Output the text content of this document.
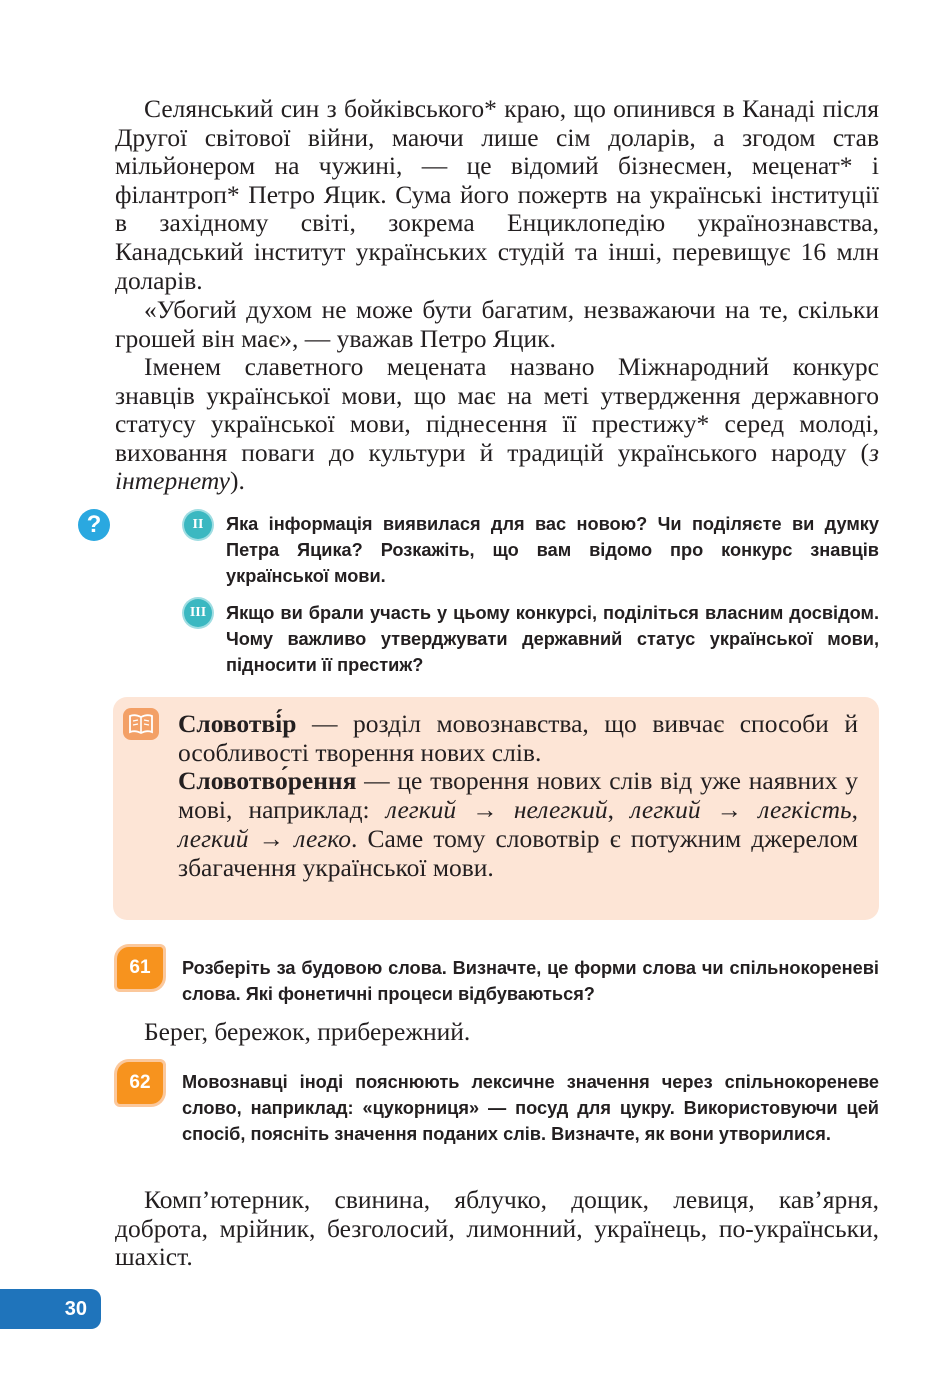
Селянський син з бойківського* краю, що опинився в Канаді після Другої світової війни, маючи лише сім доларів, а згодом став мільйонером на чужині, — це відомий бізнесмен, меценат* і філантроп* Петро Яцик. Сума його пожертв на українські інституції в західному світі, зокрема Енциклопедію українознавства, Канадський інститут українських студій та інші, перевищує 16 млн доларів.

«Убогий духом не може бути багатим, незважаючи на те, скільки грошей він має», — уважав Петро Яцик.

Іменем славетного мецената названо Міжнародний конкурс знавців української мови, що має на меті утвердження державного статусу української мови, піднесення її престижу* серед молоді, виховання поваги до культури й традицій українського народу (з інтернету).

?	II	Яка інформація виявилася для вас новою? Чи поділяєте ви думку Петра Яцика? Розкажіть, що вам відомо про конкурс знавців української мови.

III	Якщо ви брали участь у цьому конкурсі, поділіться власним досвідом. Чому важливо утверджувати державний статус української мови, підносити її престиж?

Словотві́р — розділ мовознавства, що вивчає способи й особливості творення нових слів.

Словотво́рення — це творення нових слів від уже наявних у мові, наприклад: легкий → нелегкий, легкий → легкість, легкий → легко. Саме тому словотвір є потужним джерелом збагачення української мови.

61	Розберіть за будовою слова. Визначте, це форми слова чи спільнокореневі слова. Які фонетичні процеси відбуваються?

Берег, бережок, прибережний.

62	Мовознавці іноді пояснюють лексичне значення через спільнокореневе слово, наприклад: «цукорниця» — посуд для цукру. Використовуючи цей спосіб, поясніть значення поданих слів. Визначте, як вони утворилися.

Комп’ютерник, свинина, яблучко, дощик, левиця, кав’ярня, доброта, мрійник, безголосий, лимонний, українець, по-українськи, шахіст.

30
